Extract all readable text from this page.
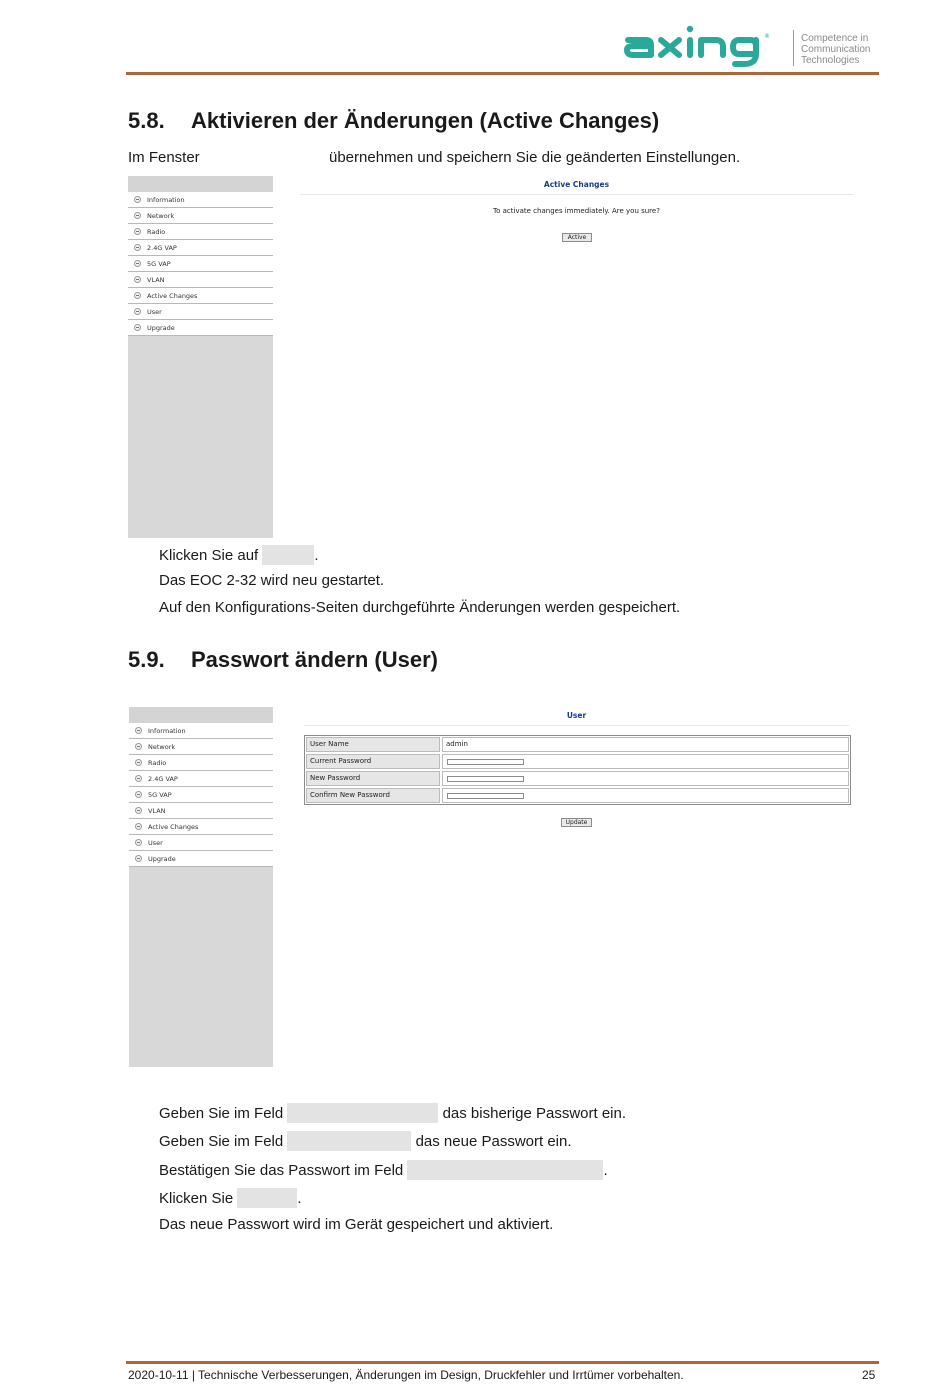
®	Competence in
Communication
Technologies
5.8. Aktivieren der Änderungen (Active Changes)
Im Fenster	übernehmen und speichern Sie die geänderten Einstellungen.
Information
Network
Radio
2.4G VAP
5G VAP
VLAN
Active Changes
User
Upgrade
Active Changes
To activate changes immediately. Are you sure?
Active
Klicken Sie auf	.
Das EOC 2-32 wird neu gestartet.
Auf den Konfigurations-Seiten durchgeführte Änderungen werden gespeichert.
5.9. Passwort ändern (User)
Information
Network
Radio
2.4G VAP
5G VAP
VLAN
Active Changes
User
Upgrade
User
User Name	admin
Current Password
New Password
Confirm New Password
Update
Geben Sie im Feld	das bisherige Passwort ein.
Geben Sie im Feld	das neue Passwort ein.
Bestätigen Sie das Passwort im Feld	.
Klicken Sie	.
Das neue Passwort wird im Gerät gespeichert und aktiviert.
2020-10-11 | Technische Verbesserungen, Änderungen im Design, Druckfehler und Irrtümer vorbehalten.	25
